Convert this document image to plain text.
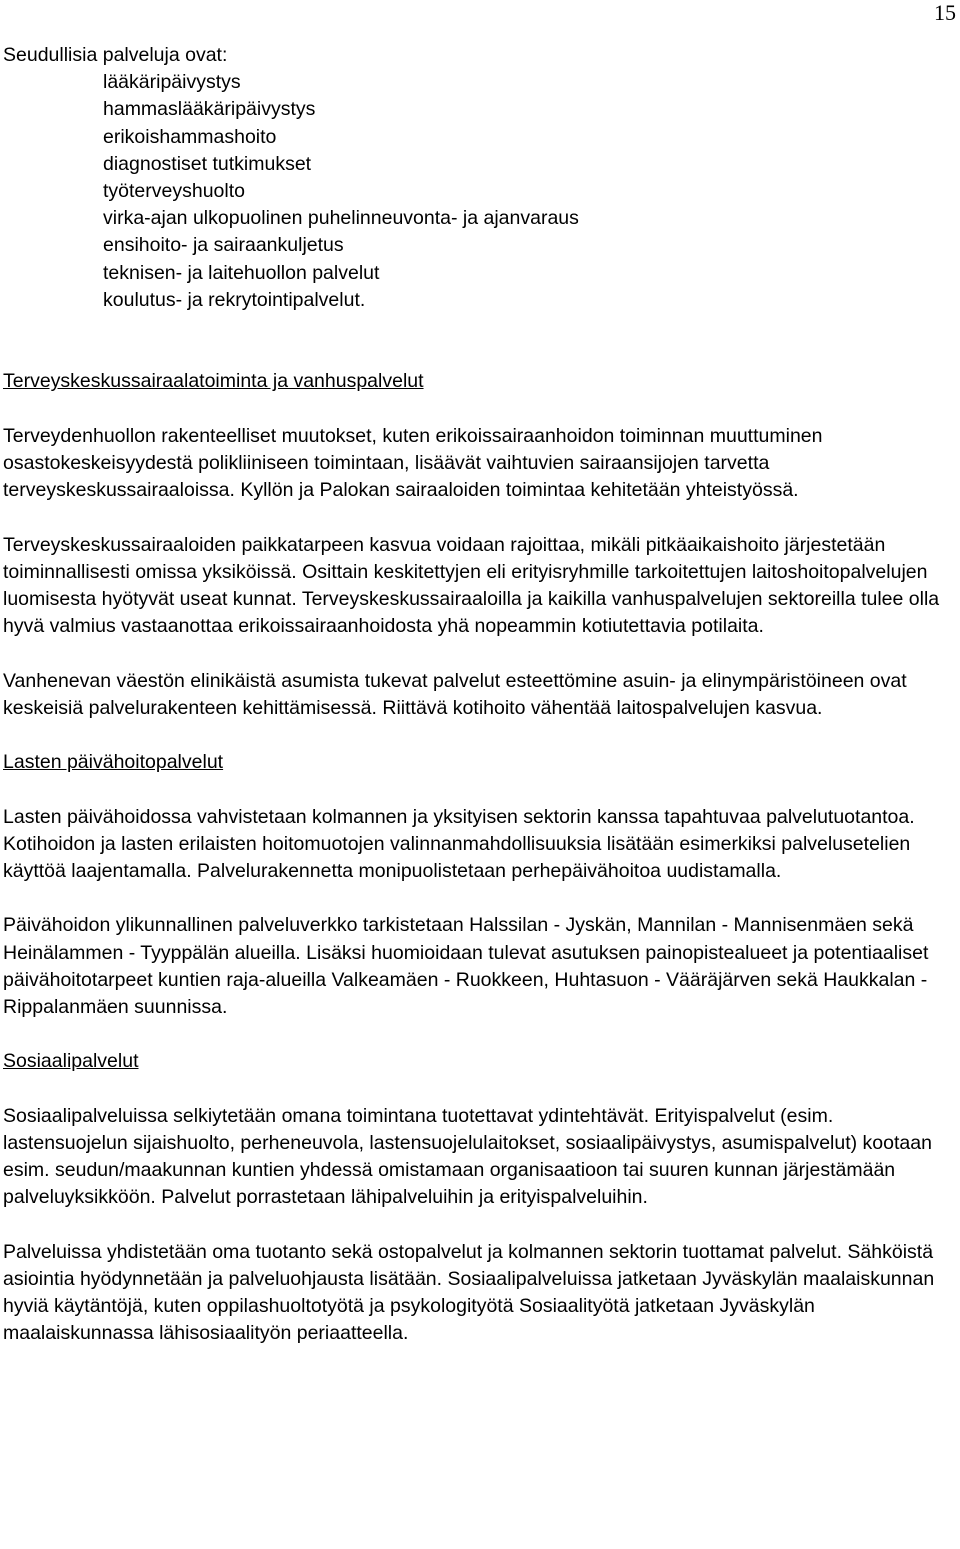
15

Seudullisia palveluja ovat:

lääkäripäivystys
hammaslääkäripäivystys
erikoishammashoito
diagnostiset tutkimukset
työterveyshuolto
virka-ajan ulkopuolinen puhelinneuvonta- ja ajanvaraus
ensihoito- ja sairaankuljetus
teknisen- ja laitehuollon palvelut
koulutus- ja rekrytointipalvelut.

Terveyskeskussairaalatoiminta ja vanhuspalvelut

Terveydenhuollon rakenteelliset muutokset, kuten erikoissairaanhoidon toiminnan muuttuminen osastokeskeisyydestä polikliiniseen toimintaan, lisäävät vaihtuvien sairaansijojen tarvetta terveyskeskussairaaloissa. Kyllön ja Palokan sairaaloiden toimintaa kehitetään yhteistyössä.

Terveyskeskussairaaloiden paikkatarpeen kasvua voidaan rajoittaa, mikäli pitkäaikaishoito järjestetään toiminnallisesti omissa yksiköissä. Osittain keskitettyjen eli erityisryhmille tarkoitettujen laitoshoitopalvelujen luomisesta hyötyvät useat kunnat. Terveyskeskussairaaloilla ja kaikilla vanhuspalvelujen sektoreilla tulee olla hyvä valmius vastaanottaa erikoissairaanhoidosta yhä nopeammin kotiutettavia potilaita.

Vanhenevan väestön elinikäistä asumista tukevat palvelut esteettömine asuin- ja elinympäristöineen ovat keskeisiä palvelurakenteen kehittämisessä. Riittävä kotihoito vähentää laitospalvelujen kasvua.

Lasten päivähoitopalvelut

Lasten päivähoidossa vahvistetaan kolmannen ja yksityisen sektorin kanssa tapahtuvaa palvelutuotantoa. Kotihoidon ja lasten erilaisten hoitomuotojen valinnanmahdollisuuksia lisätään esimerkiksi palvelusetelien käyttöä laajentamalla. Palvelurakennetta monipuolistetaan perhepäivähoitoa uudistamalla.

Päivähoidon ylikunnallinen palveluverkko tarkistetaan Halssilan - Jyskän, Mannilan - Mannisenmäen sekä Heinälammen - Tyyppälän alueilla. Lisäksi huomioidaan tulevat asutuksen painopistealueet ja potentiaaliset päivähoitotarpeet kuntien raja-alueilla Valkeamäen - Ruokkeen, Huhtasuon - Vääräjärven sekä Haukkalan - Rippalanmäen suunnissa.

Sosiaalipalvelut

Sosiaalipalveluissa selkiytetään omana toimintana tuotettavat ydintehtävät. Erityispalvelut (esim. lastensuojelun sijaishuolto, perheneuvola, lastensuojelulaitokset, sosiaalipäivystys, asumispalvelut) kootaan esim. seudun/maakunnan kuntien yhdessä omistamaan organisaatioon tai suuren kunnan järjestämään palveluyksikköön. Palvelut porrastetaan lähipalveluihin ja erityispalveluihin.

Palveluissa yhdistetään oma tuotanto sekä ostopalvelut ja kolmannen sektorin tuottamat palvelut. Sähköistä asiointia hyödynnetään ja palveluohjausta lisätään. Sosiaalipalveluissa jatketaan Jyväskylän maalaiskunnan hyviä käytäntöjä, kuten oppilashuoltotyötä ja psykologityötä Sosiaalityötä jatketaan Jyväskylän maalaiskunnassa lähisosiaalityön periaatteella.
